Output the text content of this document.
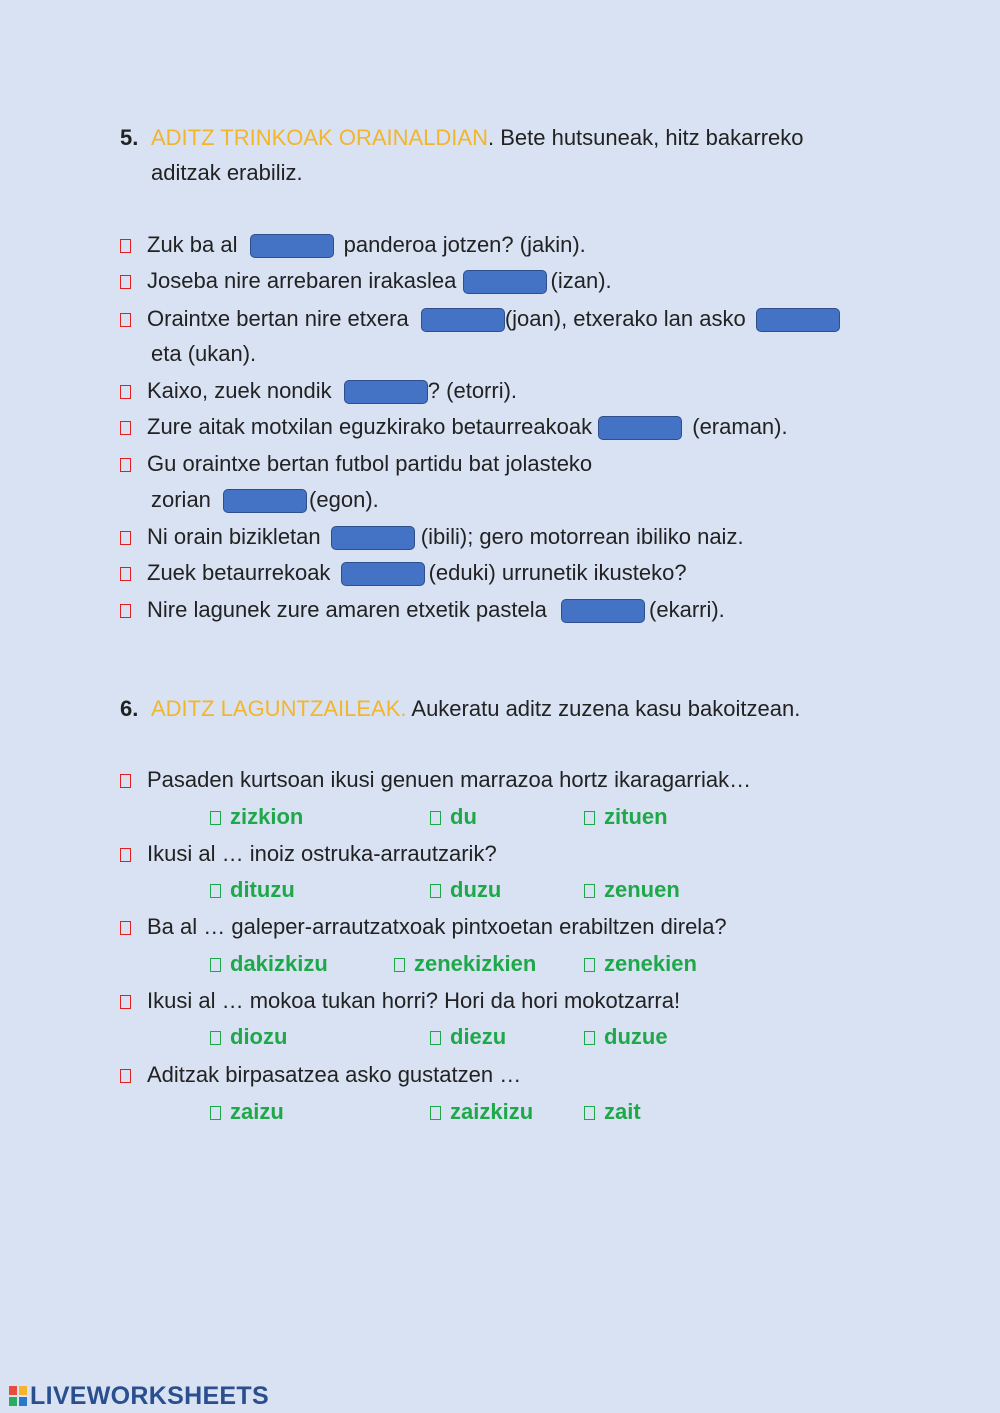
5. ADITZ TRINKOAK ORAINALDIAN. Bete hutsuneak, hitz bakarreko
aditzak erabiliz.
Zuk ba al	panderoa jotzen? (jakin).
Joseba nire arrebaren irakaslea	(izan).
Oraintxe bertan nire etxera	(joan), etxerako lan asko
eta (ukan).
Kaixo, zuek nondik	? (etorri).
Zure aitak motxilan eguzkirako betaurreakoak	(eraman).
Gu oraintxe bertan futbol partidu bat jolasteko
zorian	(egon).
Ni orain bizikletan	(ibili); gero motorrean ibiliko naiz.
Zuek betaurrekoak	(eduki) urrunetik ikusteko?
Nire lagunek zure amaren etxetik pastela	(ekarri).
6. ADITZ LAGUNTZAILEAK. Aukeratu aditz zuzena kasu bakoitzean.
Pasaden kurtsoan ikusi genuen marrazoa hortz ikaragarriak…
zizkion	du	zituen
Ikusi al … inoiz ostruka-arrautzarik?
dituzu	duzu	zenuen
Ba al … galeper-arrautzatxoak pintxoetan erabiltzen direla?
dakizkizu	zenekizkien	zenekien
Ikusi al … mokoa tukan horri? Hori da hori mokotzarra!
diozu	diezu	duzue
Aditzak birpasatzea asko gustatzen …
zaizu	zaizkizu	zait
LIVEWORKSHEETS
